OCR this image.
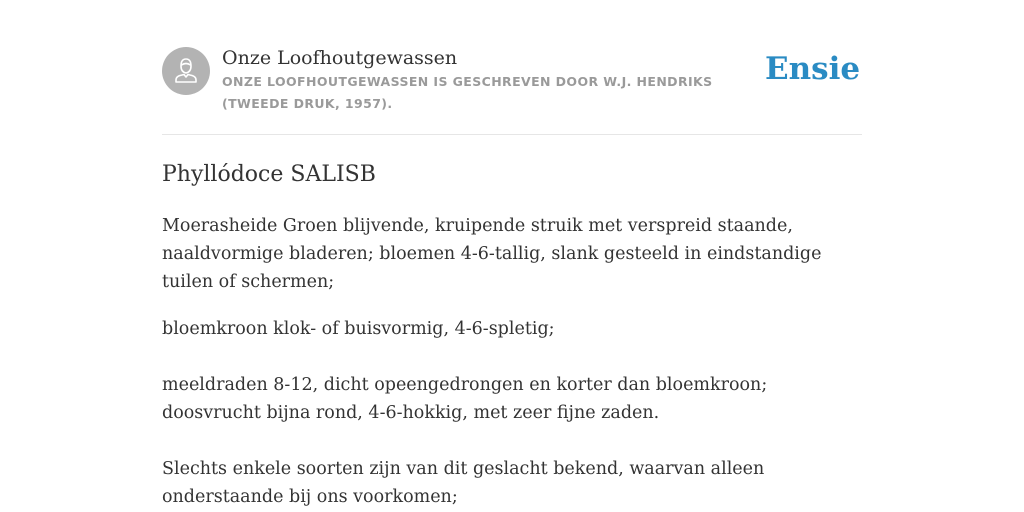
Onze Loofhoutgewassen
ONZE LOOFHOUTGEWASSEN IS GESCHREVEN DOOR W.J. HENDRIKS (TWEEDE DRUK, 1957).
Ensie
Phyllódoce SALISB

Moerasheide Groen blijvende, kruipende struik met verspreid staande, naaldvormige bladeren; bloemen 4-6-tallig, slank gesteeld in eindstandige tuilen of schermen;

bloemkroon klok- of buisvormig, 4-6-spletig;

meeldraden 8-12, dicht opeengedrongen en korter dan bloemkroon; doosvrucht bijna rond, 4-6-hokkig, met zeer fijne zaden.

Slechts enkele soorten zijn van dit geslacht bekend, waarvan alleen onderstaande bij ons voorkomen;
